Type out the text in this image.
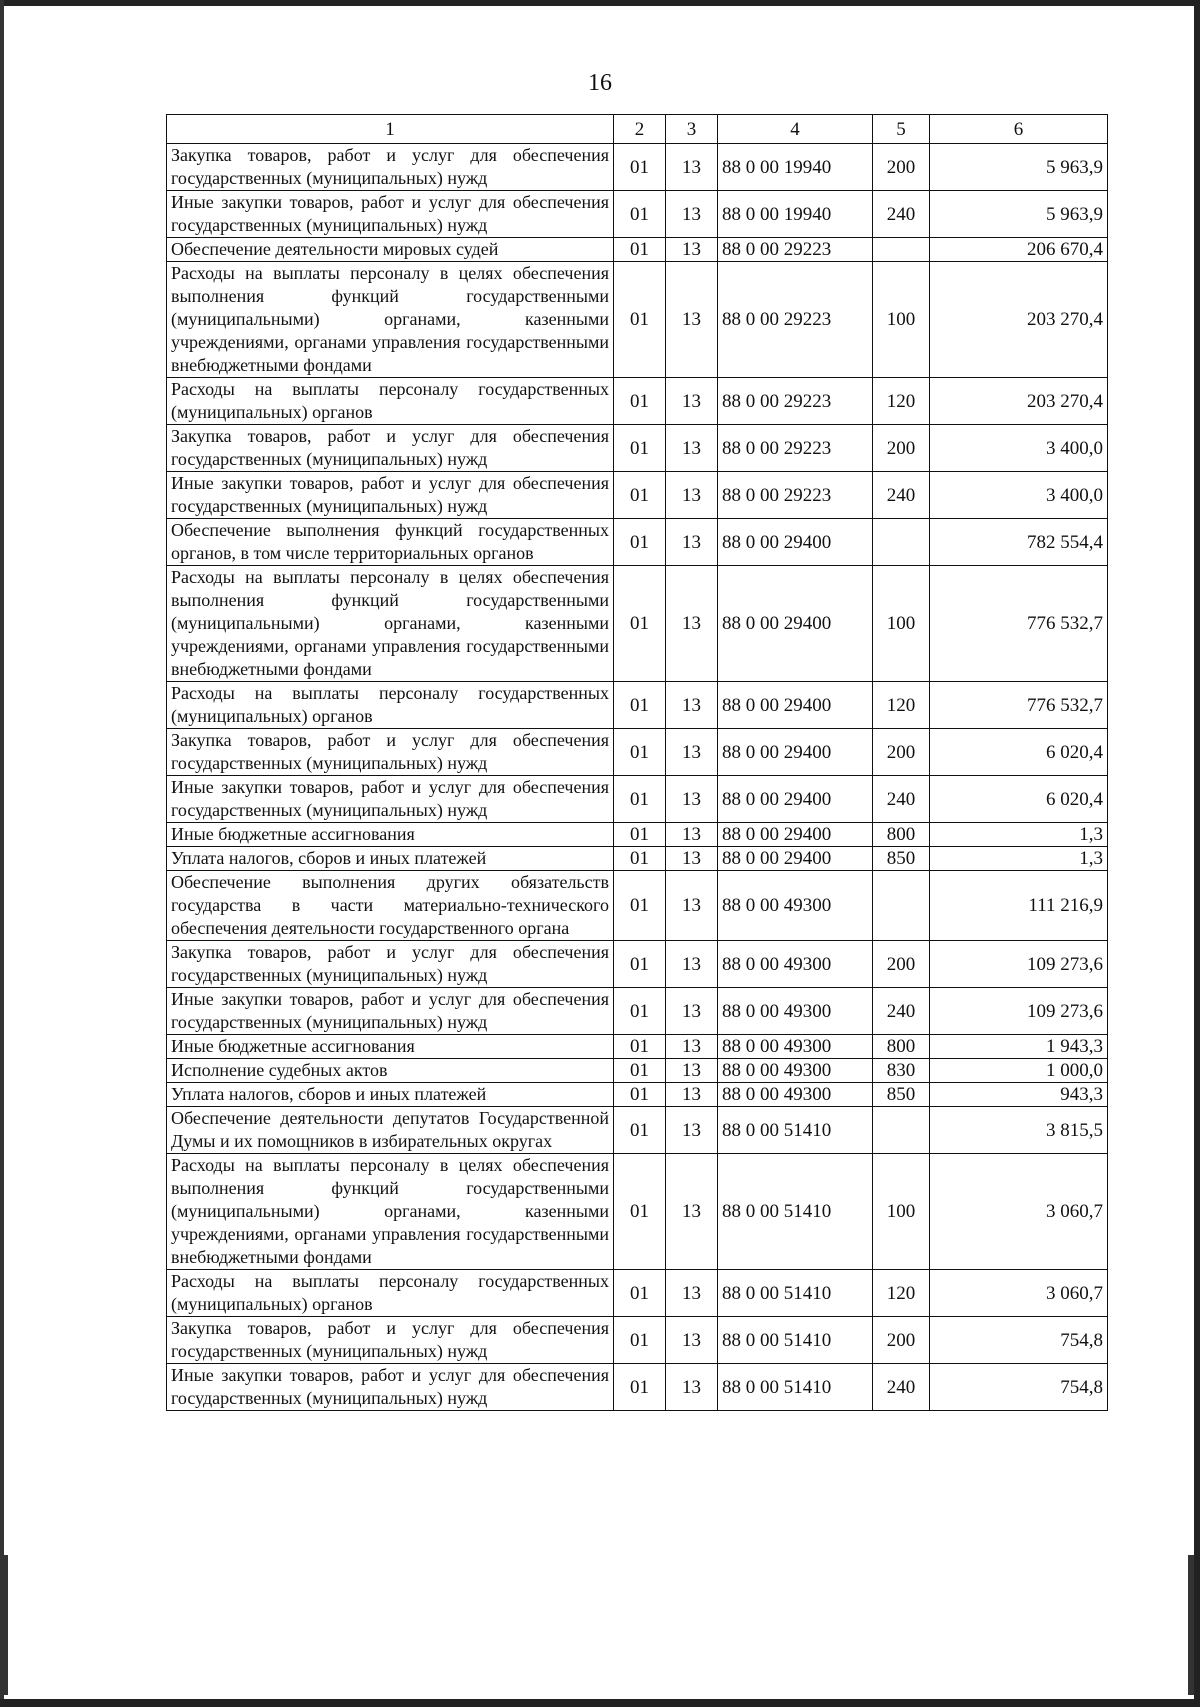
16
1	2	3	4	5	6
Закупка товаров, работ и услуг для обеспечения государственных (муниципальных) нужд	01	13	88 0 00 19940	200	5 963,9
Иные закупки товаров, работ и услуг для обеспечения государственных (муниципальных) нужд	01	13	88 0 00 19940	240	5 963,9
Обеспечение деятельности мировых судей	01	13	88 0 00 29223		206 670,4
Расходы на выплаты персоналу в целях обеспечения выполнения функций государственными (муниципальными) органами, казенными учреждениями, органами управления государственными внебюджетными фондами	01	13	88 0 00 29223	100	203 270,4
Расходы на выплаты персоналу государственных (муниципальных) органов	01	13	88 0 00 29223	120	203 270,4
Закупка товаров, работ и услуг для обеспечения государственных (муниципальных) нужд	01	13	88 0 00 29223	200	3 400,0
Иные закупки товаров, работ и услуг для обеспечения государственных (муниципальных) нужд	01	13	88 0 00 29223	240	3 400,0
Обеспечение выполнения функций государственных органов, в том числе территориальных органов	01	13	88 0 00 29400		782 554,4
Расходы на выплаты персоналу в целях обеспечения выполнения функций государственными (муниципальными) органами, казенными учреждениями, органами управления государственными внебюджетными фондами	01	13	88 0 00 29400	100	776 532,7
Расходы на выплаты персоналу государственных (муниципальных) органов	01	13	88 0 00 29400	120	776 532,7
Закупка товаров, работ и услуг для обеспечения государственных (муниципальных) нужд	01	13	88 0 00 29400	200	6 020,4
Иные закупки товаров, работ и услуг для обеспечения государственных (муниципальных) нужд	01	13	88 0 00 29400	240	6 020,4
Иные бюджетные ассигнования	01	13	88 0 00 29400	800	1,3
Уплата налогов, сборов и иных платежей	01	13	88 0 00 29400	850	1,3
Обеспечение выполнения других обязательств государства в части материально-технического обеспечения деятельности государственного органа	01	13	88 0 00 49300		111 216,9
Закупка товаров, работ и услуг для обеспечения государственных (муниципальных) нужд	01	13	88 0 00 49300	200	109 273,6
Иные закупки товаров, работ и услуг для обеспечения государственных (муниципальных) нужд	01	13	88 0 00 49300	240	109 273,6
Иные бюджетные ассигнования	01	13	88 0 00 49300	800	1 943,3
Исполнение судебных актов	01	13	88 0 00 49300	830	1 000,0
Уплата налогов, сборов и иных платежей	01	13	88 0 00 49300	850	943,3
Обеспечение деятельности депутатов Государственной Думы и их помощников в избирательных округах	01	13	88 0 00 51410		3 815,5
Расходы на выплаты персоналу в целях обеспечения выполнения функций государственными (муниципальными) органами, казенными учреждениями, органами управления государственными внебюджетными фондами	01	13	88 0 00 51410	100	3 060,7
Расходы на выплаты персоналу государственных (муниципальных) органов	01	13	88 0 00 51410	120	3 060,7
Закупка товаров, работ и услуг для обеспечения государственных (муниципальных) нужд	01	13	88 0 00 51410	200	754,8
Иные закупки товаров, работ и услуг для обеспечения государственных (муниципальных) нужд	01	13	88 0 00 51410	240	754,8
